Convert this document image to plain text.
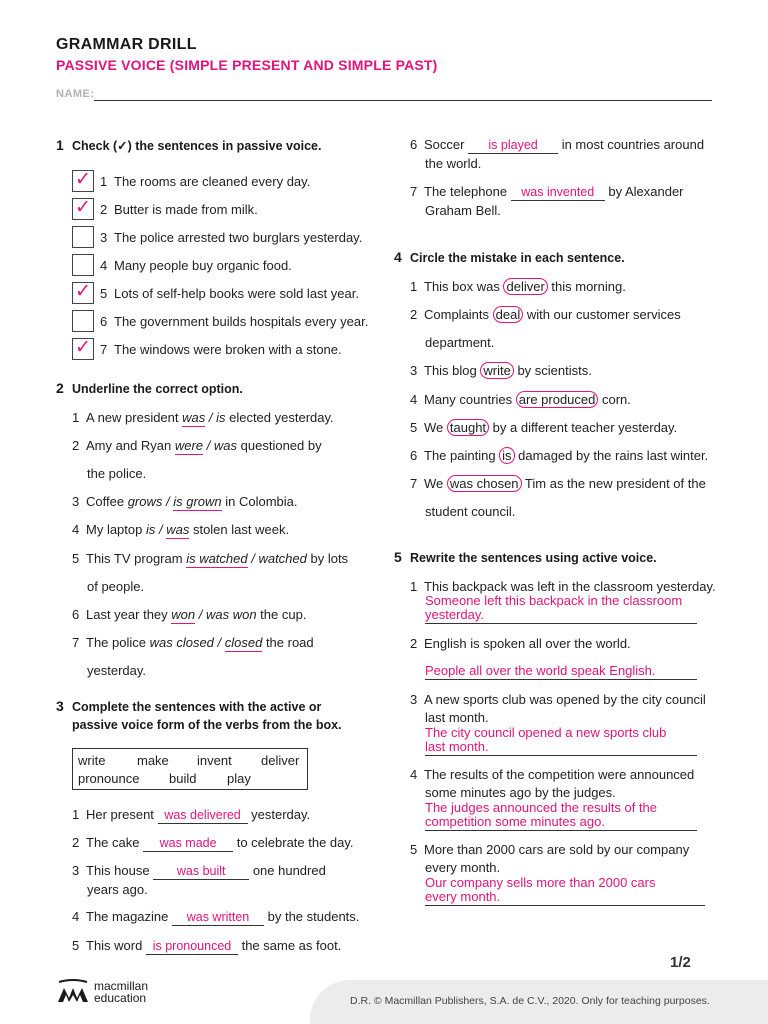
GRAMMAR DRILL
PASSIVE VOICE (SIMPLE PRESENT AND SIMPLE PAST)
NAME:
1 Check (✓) the sentences in passive voice.
✓ 1 The rooms are cleaned every day.
✓ 2 Butter is made from milk.
3 The police arrested two burglars yesterday.
4 Many people buy organic food.
✓ 5 Lots of self-help books were sold last year.
6 The government builds hospitals every year.
✓ 7 The windows were broken with a stone.
2 Underline the correct option.
1 A new president was / is elected yesterday.
2 Amy and Ryan were / was questioned by
the police.
3 Coffee grows / is grown in Colombia.
4 My laptop is / was stolen last week.
5 This TV program is watched / watched by lots
of people.
6 Last year they won / was won the cup.
7 The police was closed / closed the road
yesterday.
3 Complete the sentences with the active or
passive voice form of the verbs from the box.
write make invent deliver
pronounce build play
1 Her present was delivered yesterday.
2 The cake was made to celebrate the day.
3 This house was built one hundred
years ago.
4 The magazine was written by the students.
5 This word is pronounced the same as foot.
6 Soccer is played in most countries around
the world.
7 The telephone was invented by Alexander
Graham Bell.
4 Circle the mistake in each sentence.
1 This box was deliver this morning.
2 Complaints deal with our customer services
department.
3 This blog write by scientists.
4 Many countries are produced corn.
5 We taught by a different teacher yesterday.
6 The painting is damaged by the rains last winter.
7 We was chosen Tim as the new president of the
student council.
5 Rewrite the sentences using active voice.
1 This backpack was left in the classroom yesterday.
Someone left this backpack in the classroom
yesterday.
2 English is spoken all over the world.
People all over the world speak English.
3 A new sports club was opened by the city council
last month.
The city council opened a new sports club
last month.
4 The results of the competition were announced
some minutes ago by the judges.
The judges announced the results of the
competition some minutes ago.
5 More than 2000 cars are sold by our company
every month.
Our company sells more than 2000 cars
every month.
1/2
D.R. © Macmillan Publishers, S.A. de C.V., 2020. Only for teaching purposes.
macmillan
education
